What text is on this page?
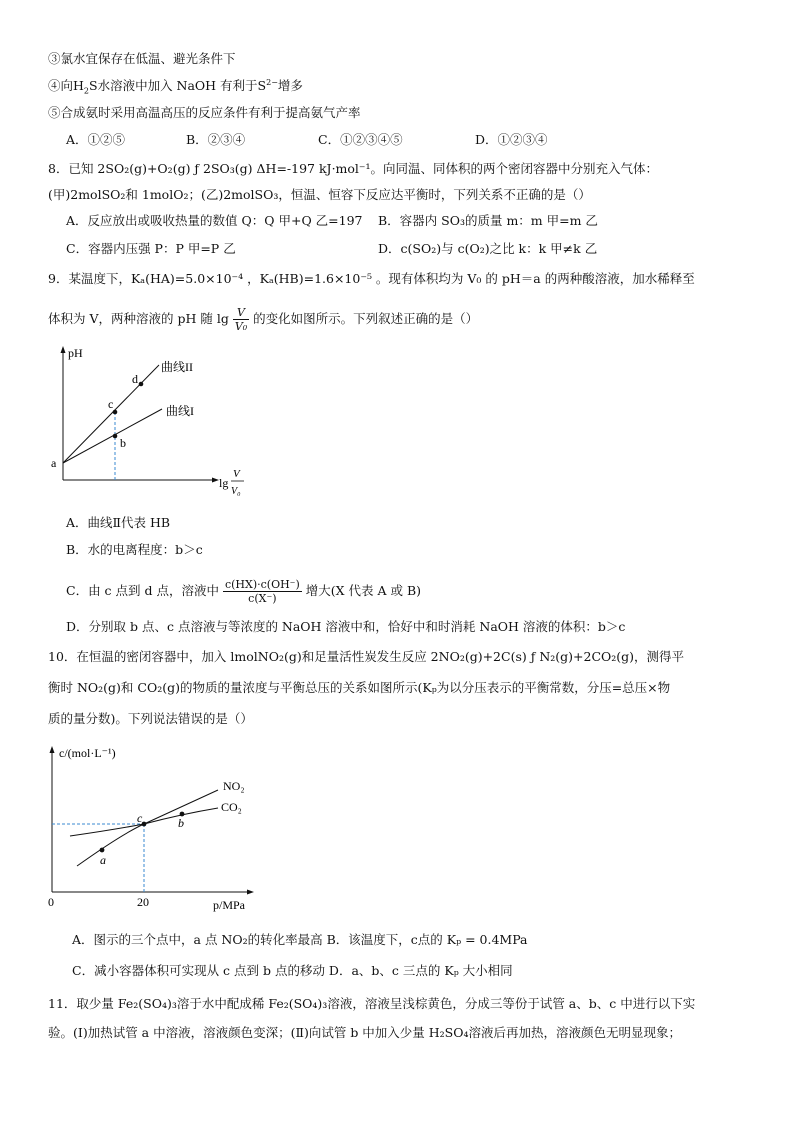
③氯水宜保存在低温、避光条件下
④向$H_2S$水溶液中加入 NaOH 有利于$S^{2-}$增多
⑤合成氨时采用高温高压的反应条件有利于提高氨气产率
A．①②⑤	B．②③④	C．①②③④⑤	D．①②③④
8．已知 2SO₂(g)+O₂(g) ƒ 2SO₃(g) ΔH=-197 kJ·mol⁻¹。向同温、同体积的两个密闭容器中分别充入气体：
(甲)2molSO₂和 1molO₂；(乙)2molSO₃，恒温、恒容下反应达平衡时，下列关系不正确的是（）
A．反应放出或吸收热量的数值 Q：Q 甲+Q 乙=197 B．容器内 SO₃的质量 m：m 甲=m 乙
C．容器内压强 P：P 甲=P 乙	D．c(SO₂)与 c(O₂)之比 k：k 甲≠k 乙
9．某温度下，Kₐ(HA)=5.0×10⁻⁴ ，Kₐ(HB)=1.6×10⁻⁵ 。现有体积均为 V₀ 的 pH＝a 的两种酸溶液，加水稀释至
体积为 V，两种溶液的 pH 随 $\lg \frac{V}{\text{V₀}}$ 的变化如图所示。下列叙述正确的是（）
pH
lg
V
V₀
曲线II
曲线I
a
b
c
d
A．曲线Ⅱ代表 HB
B．水的电离程度：b＞c
C．由 c 点到 d 点，溶液中 $\frac{c(HX)\cdot c(OH^-)}{c(X^-)}$ 增大(X 代表 A 或 B)
D．分别取 b 点、c 点溶液与等浓度的 NaOH 溶液中和，恰好中和时消耗 NaOH 溶液的体积：b＞c
10．在恒温的密闭容器中，加入 lmolNO₂(g)和足量活性炭发生反应 2NO₂(g)+2C(s) ƒ N₂(g)+2CO₂(g)，测得平
衡时 NO₂(g)和 CO₂(g)的物质的量浓度与平衡总压的关系如图所示(Kₚ为以分压表示的平衡常数，分压=总压×物
质的量分数)。下列说法错误的是（）
c/(mol·L⁻¹)
p/MPa
0	20
NO₂
CO₂
a
b
c
A．图示的三个点中，a 点 NO₂的转化率最高 B．该温度下，c点的 Kₚ = 0.4MPa
C．减小容器体积可实现从 c 点到 b 点的移动 D．a、b、c 三点的 Kₚ 大小相同
11．取少量 Fe₂(SO₄)₃溶于水中配成稀 Fe₂(SO₄)₃溶液，溶液呈浅棕黄色，分成三等份于试管 a、b、c 中进行以下实
验。(Ⅰ)加热试管 a 中溶液，溶液颜色变深；(Ⅱ)向试管 b 中加入少量 H₂SO₄溶液后再加热，溶液颜色无明显现象；
